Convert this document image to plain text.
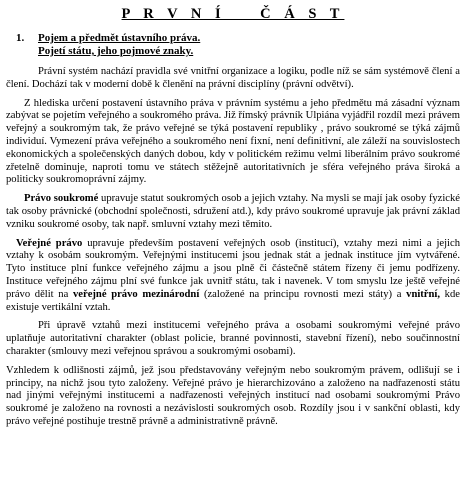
P R V N Í    Č Á S T
1.	Pojem a předmět ústavního práva.
Pojetí státu, jeho pojmové znaky.

Právní systém nachází pravidla své vnitřní organizace a logiku, podle níž se sám systémově člení a člení. Dochází tak v moderní době k členění na právní disciplíny (právní odvětví).

Z hlediska určení postavení ústavního práva v právním systému a jeho předmětu má zásadní význam zabývat se pojetím veřejného a soukromého práva. Již římský právník Ulpiána vyjádřil rozdíl mezi právem veřejný a soukromým tak, že právo veřejné se týká postavení republiky , právo soukromé se týká zájmů individuí. Vymezení práva veřejného a soukromého není fixní, není definitivní, ale záleží na souvislostech ekonomických a společenských daných dobou, kdy v politickém režimu velmi liberálním právo soukromé zřetelně dominuje, naproti tomu ve státech stěžejně autoritativních je sféra veřejného práva široká a politicky soukromoprávní zájmy.

Právo soukromé upravuje statut soukromých osob a jejich vztahy. Na mysli se mají jak osoby fyzické tak osoby právnické (obchodní společnosti, sdružení atd.), kdy právo soukromé upravuje jak právní základ vzniku soukromé osoby, tak např. smluvní vztahy mezi těmito.

Veřejné právo upravuje především postavení veřejných osob (institucí), vztahy mezi nimi a jejich vztahy k osobám soukromým. Veřejnými institucemi jsou jednak stát a jednak instituce jím vytvářené. Tyto instituce plní funkce veřejného zájmu a jsou plně či částečně státem řízeny či jemu podřízeny. Instituce veřejného zájmu plní své funkce jak uvnitř státu, tak i navenek. V tom smyslu lze ještě veřejné právo dělit na veřejné právo mezinárodní (založené na principu rovnosti mezi státy) a vnitřní, kde existuje vertikální vztah.

Při úpravě vztahů mezi institucemi veřejného práva a osobami soukromými veřejné právo uplatňuje autoritativní charakter (oblast policie, branné povinnosti, stavební řízení), nebo součinnostní charakter (smlouvy mezi veřejnou správou a soukromými osobami).

Vzhledem k odlišnosti zájmů, jež jsou představovány veřejným nebo soukromým právem, odlišují se i principy, na nichž jsou tyto založeny. Veřejné právo je hierarchizováno a založeno na nadřazenosti státu nad jinými veřejnými institucemi a nadřazenosti veřejných institucí nad osobami soukromými Právo soukromé je založeno na rovnosti a nezávislosti soukromých osob. Rozdíly jsou i v sankční oblasti, kdy právo veřejné postihuje trestně právně a administrativně právně.
